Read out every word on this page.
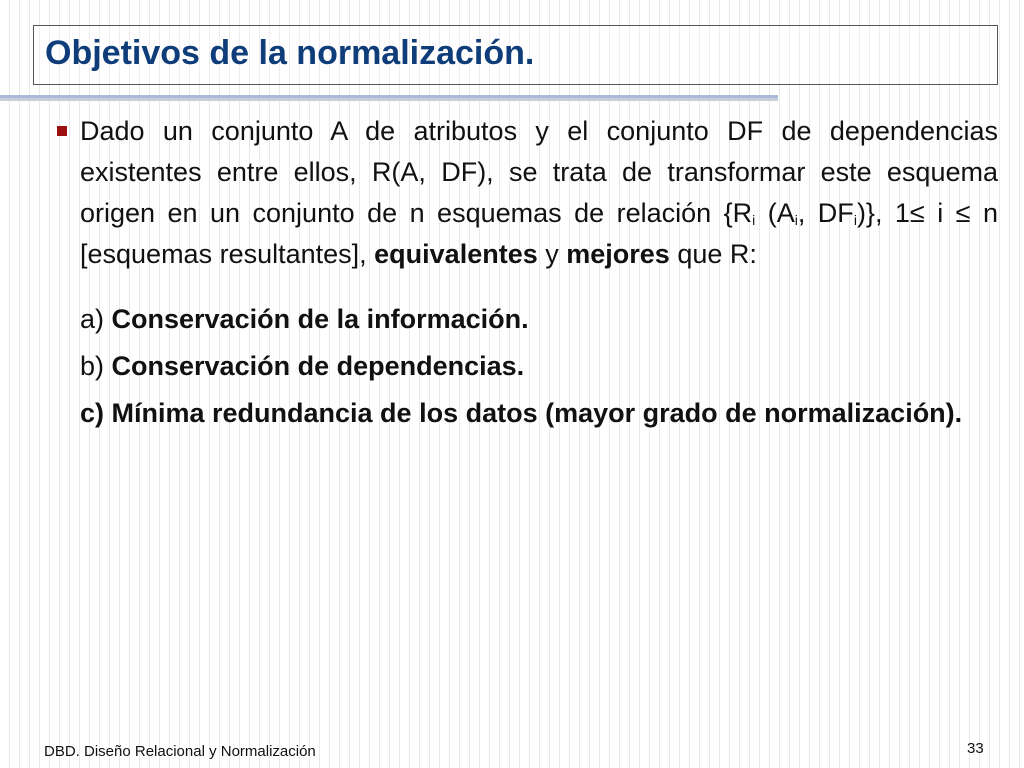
Objetivos de la normalización.

Dado un conjunto A de atributos y el conjunto DF de dependencias existentes entre ellos, R(A, DF), se trata de transformar este esquema origen en un conjunto de n esquemas de relación {$R_i$ ($A_i$, $DF_i$)}, 1≤ i ≤ n [esquemas resultantes], equivalentes y mejores que R:

a) Conservación de la información.

b) Conservación de dependencias.

c) Mínima redundancia de los datos (mayor grado de normalización).

DBD. Diseño Relacional y Normalización	33
